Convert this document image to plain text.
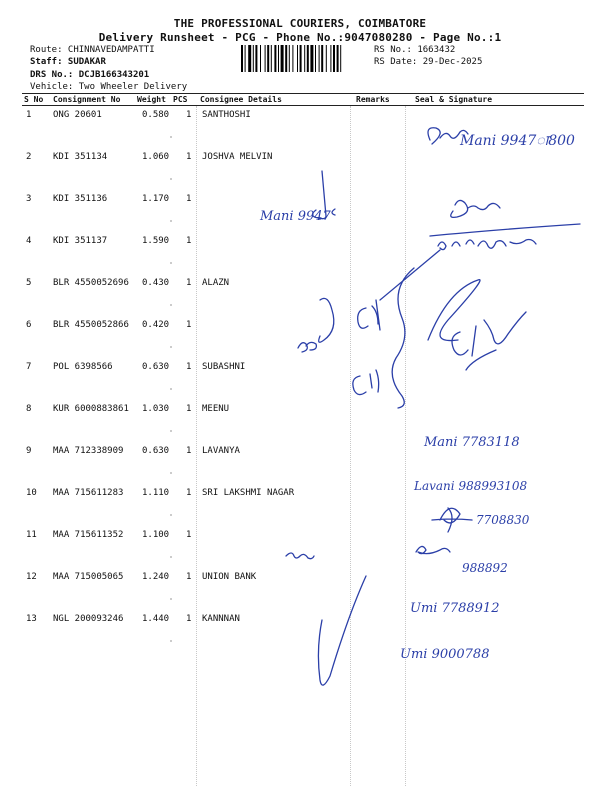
THE PROFESSIONAL COURIERS, COIMBATORE
Delivery Runsheet - PCG - Phone No.:9047080280 - Page No.:1
Route: CHINNAVEDAMPATTI
Staff: SUDAKAR
DRS No.: DCJB166343201
Vehicle: Two Wheeler Delivery
RS No.: 1663432
RS Date: 29-Dec-2025
S No Consignment No Weight PCS Consignee Details	Remarks	Seal & Signature
1 ONG 20601	0.580 1 SANTHOSHI
2 KDI 351134	1.060 1 JOSHVA MELVIN
3 KDI 351136	1.170 1
4 KDI 351137	1.590 1
5 BLR 4550052696 0.430 1 ALAZN
6 BLR 4550052866 0.420 1
7 POL 6398566	0.630 1 SUBASHNI
8 KUR 6000883861 1.030 1 MEENU
9 MAA 712338909 0.630 1 LAVANYA
10 MAA 715611283 1.110 1 SRI LAKSHMI NAGAR
11 MAA 715611352 1.100 1
12 MAA 715005065 1.240 1 UNION BANK
13 NGL 200093246 1.440 1 KANNNAN
Mani 9947ा800
Mani 9947
Mani 7783118
Lavani 988993108
7708830
988892
Umi 7788912
Umi 9000788
